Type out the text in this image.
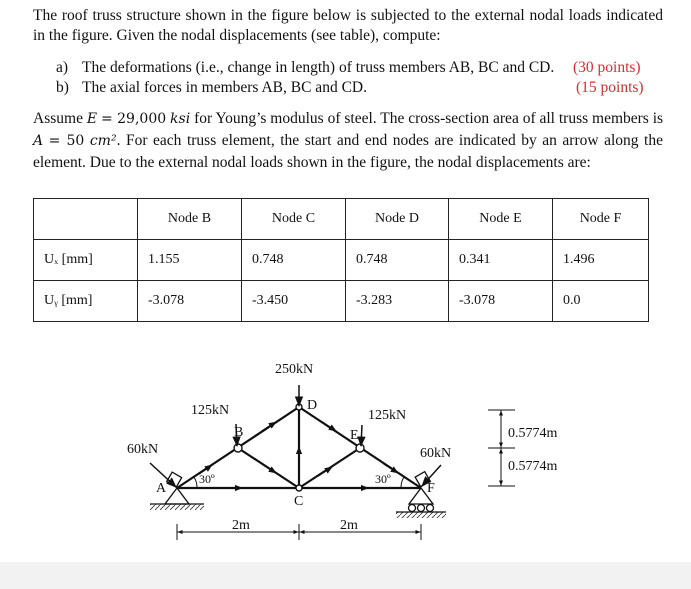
The roof truss structure shown in the figure below is subjected to the external nodal loads indicated in the figure. Given the nodal displacements (see table), compute:
a) The deformations (i.e., change in length) of truss members AB, BC and CD. (30 points)
b) The axial forces in members AB, BC and CD.	(15 points)
Assume E = 29,000 ksi for Young’s modulus of steel. The cross-section area of all truss members is A = 50 cm². For each truss element, the start and end nodes are indicated by an arrow along the element. Due to the external nodal loads shown in the figure, the nodal displacements are:
	Node B	Node C	Node D	Node E	Node F
Uₓ [mm]	1.155	0.748	0.748	0.341	1.496
Uᵧ [mm]	-3.078	-3.450	-3.283	-3.078	0.0
250kN
125kN	125kN
60kN	60kN
A
B
C
D
E
F
30º	30º
2m	2m
0.5774m
0.5774m
